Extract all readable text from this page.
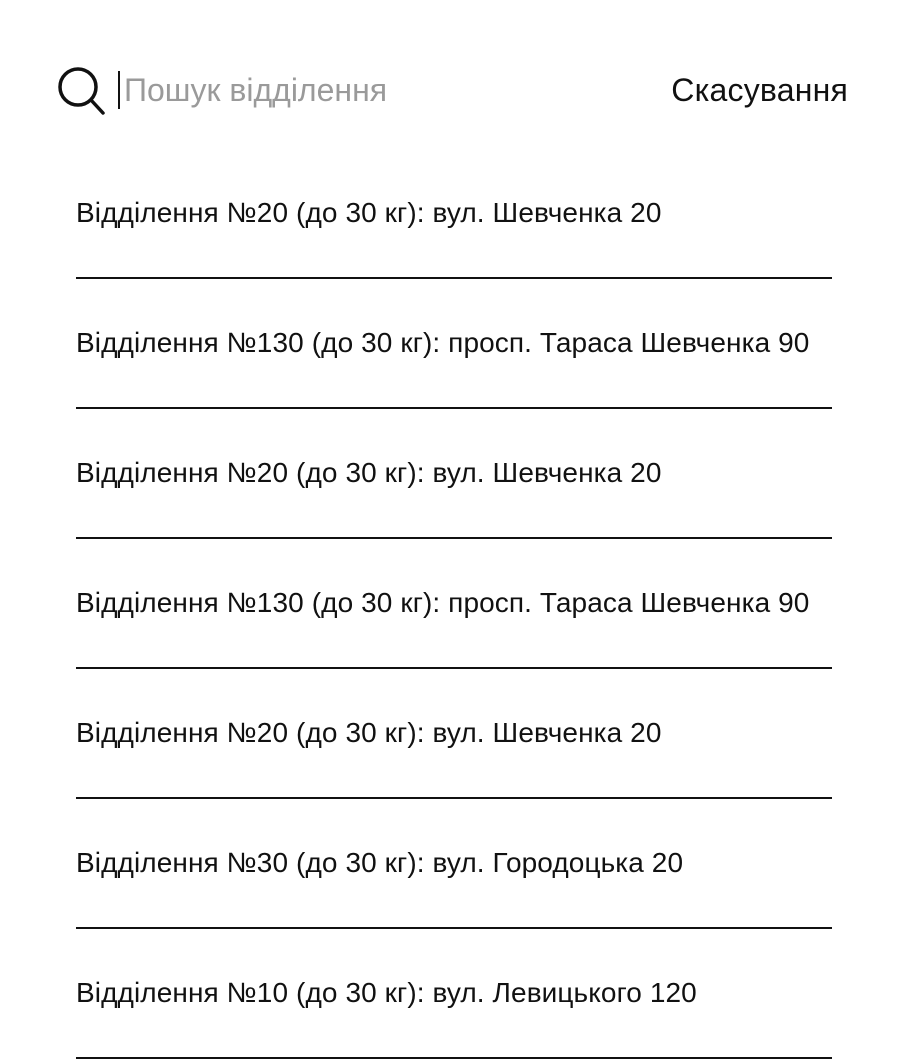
Пошук відділення
Скасування
Відділення №20 (до 30 кг): вул. Шевченка 20
Відділення №130 (до 30 кг): просп. Тараса Шевченка 90
Відділення №20 (до 30 кг): вул. Шевченка 20
Відділення №130 (до 30 кг): просп. Тараса Шевченка 90
Відділення №20 (до 30 кг): вул. Шевченка 20
Відділення №30 (до 30 кг): вул. Городоцька 20
Відділення №10 (до 30 кг): вул. Левицького 120
